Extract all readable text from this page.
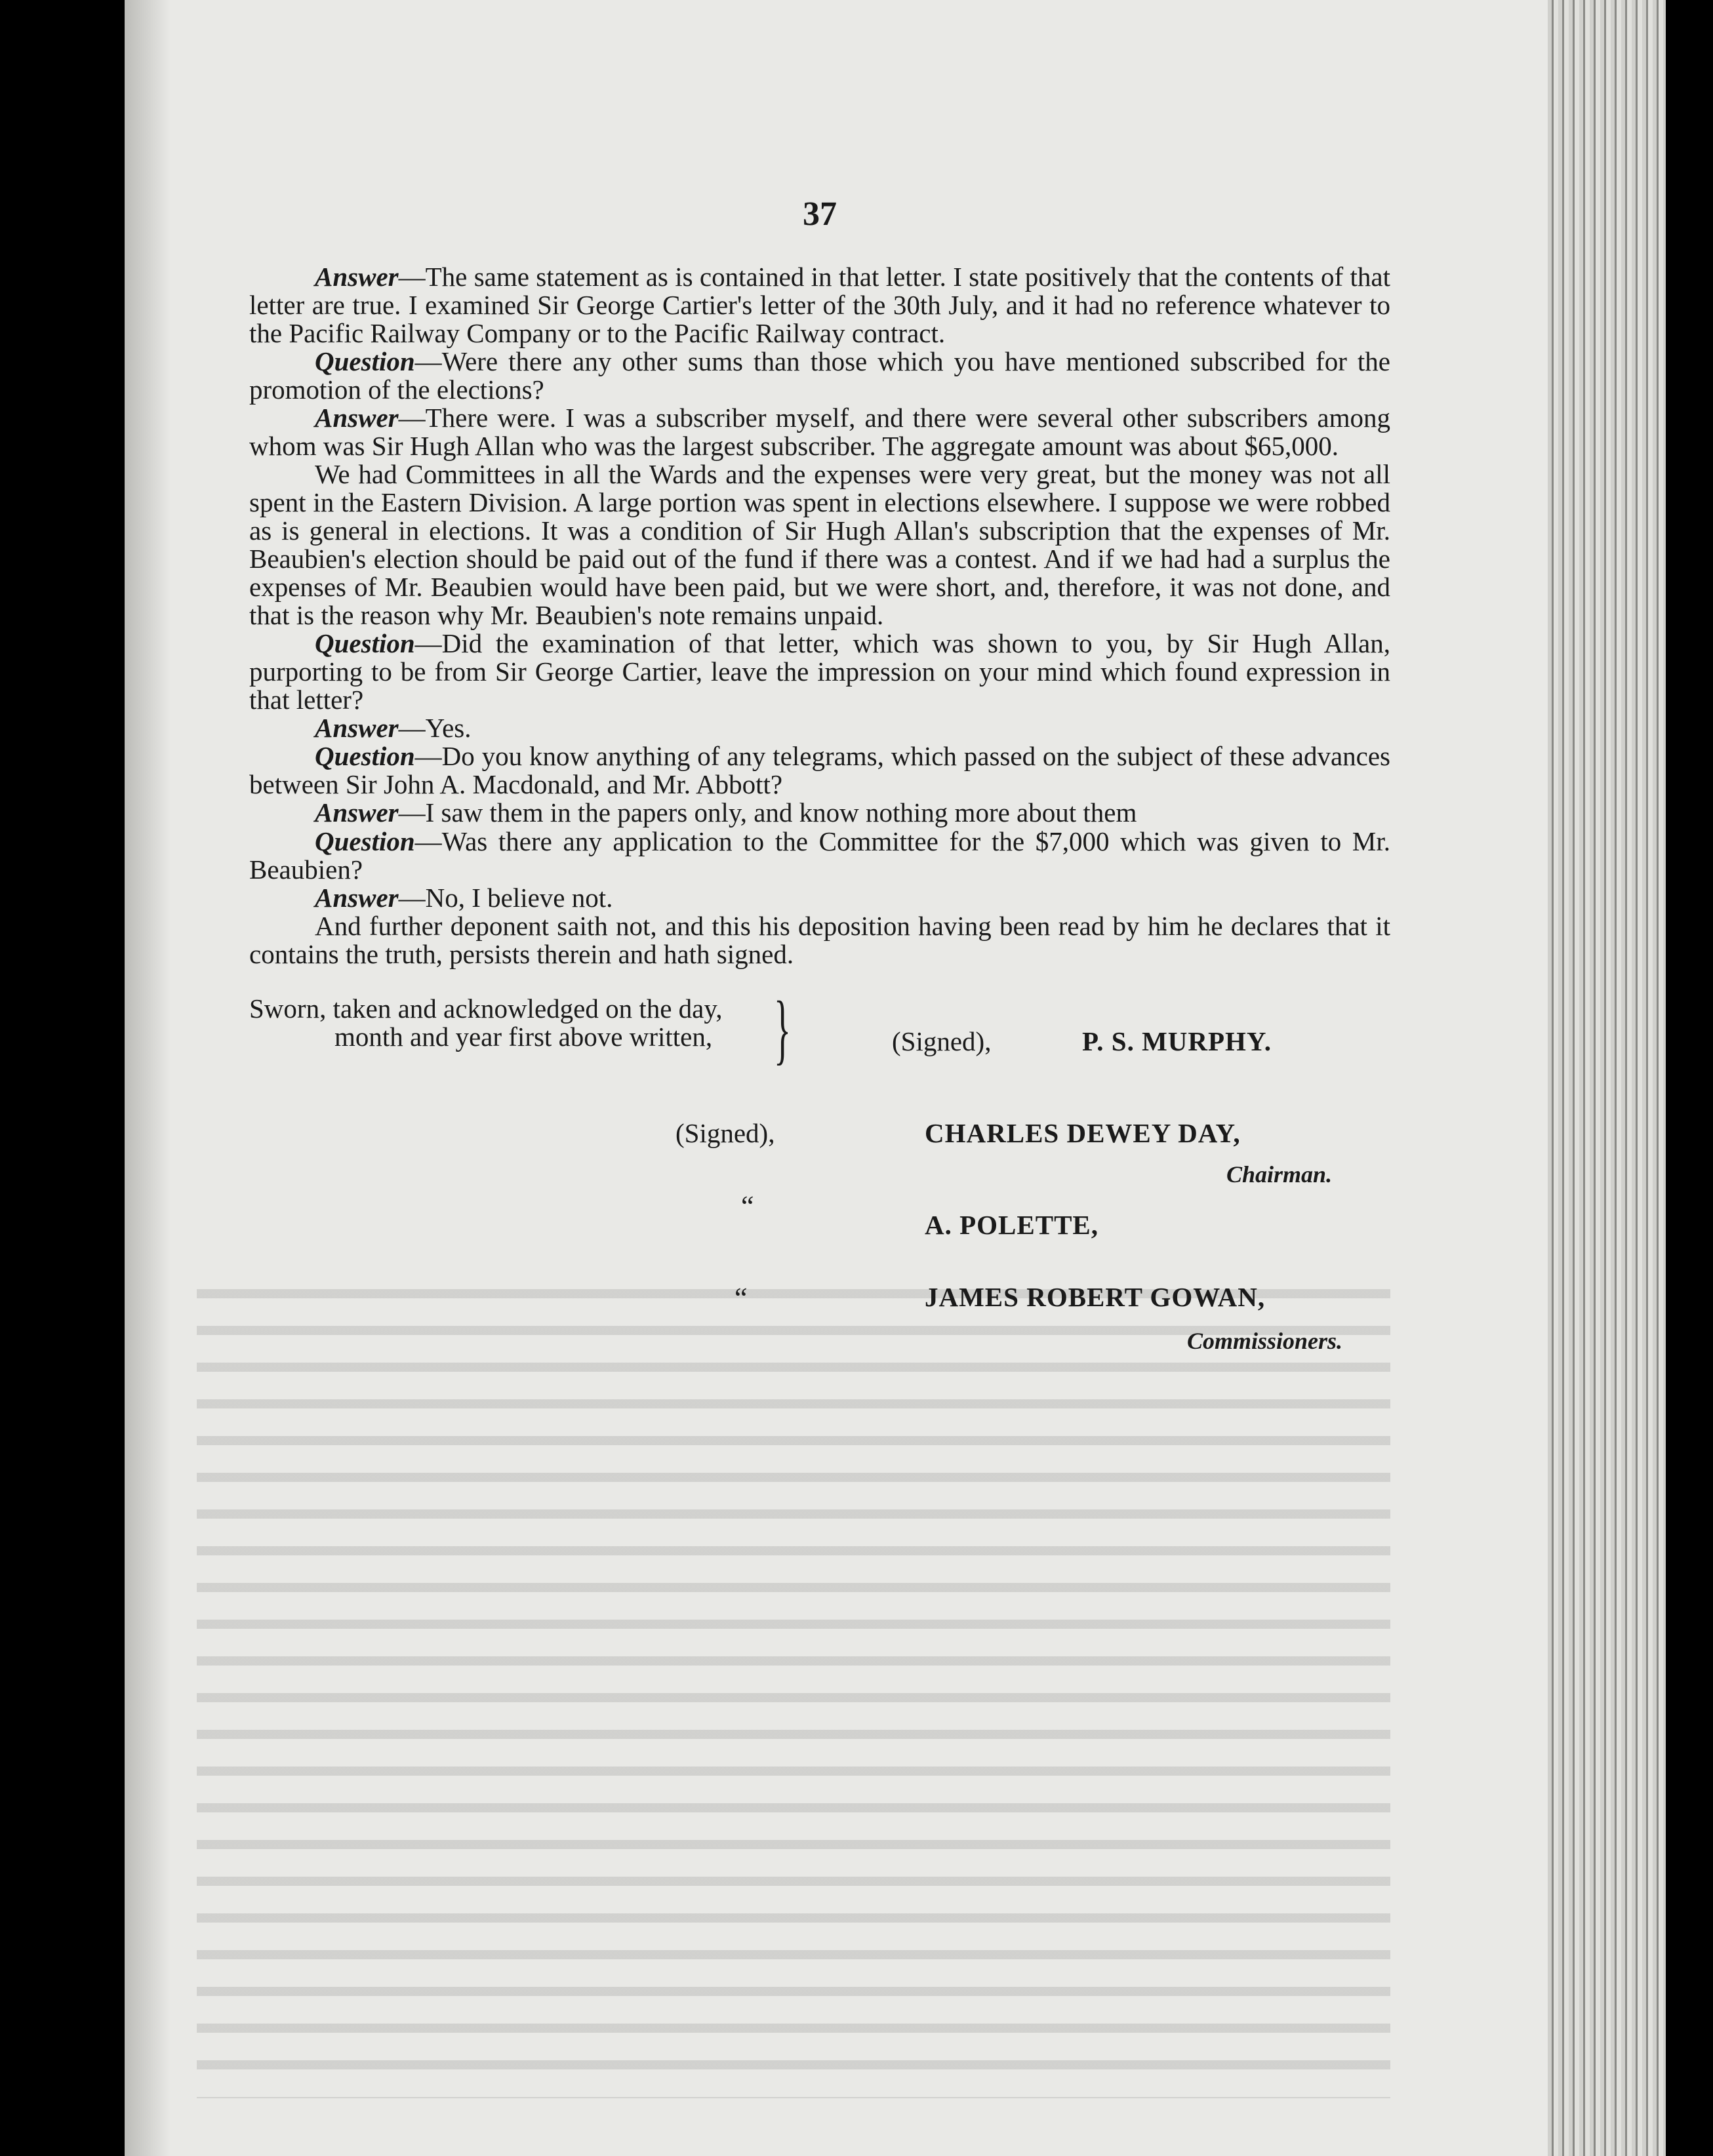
37

Answer—The same statement as is contained in that letter. I state positively that the contents of that letter are true. I examined Sir George Cartier's letter of the 30th July, and it had no reference whatever to the Pacific Railway Company or to the Pacific Railway contract.

Question—Were there any other sums than those which you have mentioned subscribed for the promotion of the elections?

Answer—There were. I was a subscriber myself, and there were several other subscribers among whom was Sir Hugh Allan who was the largest subscriber. The aggregate amount was about $65,000.

We had Committees in all the Wards and the expenses were very great, but the money was not all spent in the Eastern Division. A large portion was spent in elections elsewhere. I suppose we were robbed as is general in elections. It was a condition of Sir Hugh Allan's subscription that the expenses of Mr. Beaubien's election should be paid out of the fund if there was a contest. And if we had had a surplus the expenses of Mr. Beaubien would have been paid, but we were short, and, therefore, it was not done, and that is the reason why Mr. Beaubien's note remains unpaid.

Question—Did the examination of that letter, which was shown to you, by Sir Hugh Allan, purporting to be from Sir George Cartier, leave the impression on your mind which found expression in that letter?

Answer—Yes.

Question—Do you know anything of any telegrams, which passed on the subject of these advances between Sir John A. Macdonald, and Mr. Abbott?

Answer—I saw them in the papers only, and know nothing more about them

Question—Was there any application to the Committee for the $7,000 which was given to Mr. Beaubien?

Answer—No, I believe not.

And further deponent saith not, and this his deposition having been read by him he declares that it contains the truth, persists therein and hath signed.

Sworn, taken and acknowledged on the day,
month and year first above written, }	(Signed),	P. S. MURPHY.
(Signed),	CHARLES DEWEY DAY,
Chairman.
“
A. POLETTE,
“	JAMES ROBERT GOWAN,
Commissioners.
